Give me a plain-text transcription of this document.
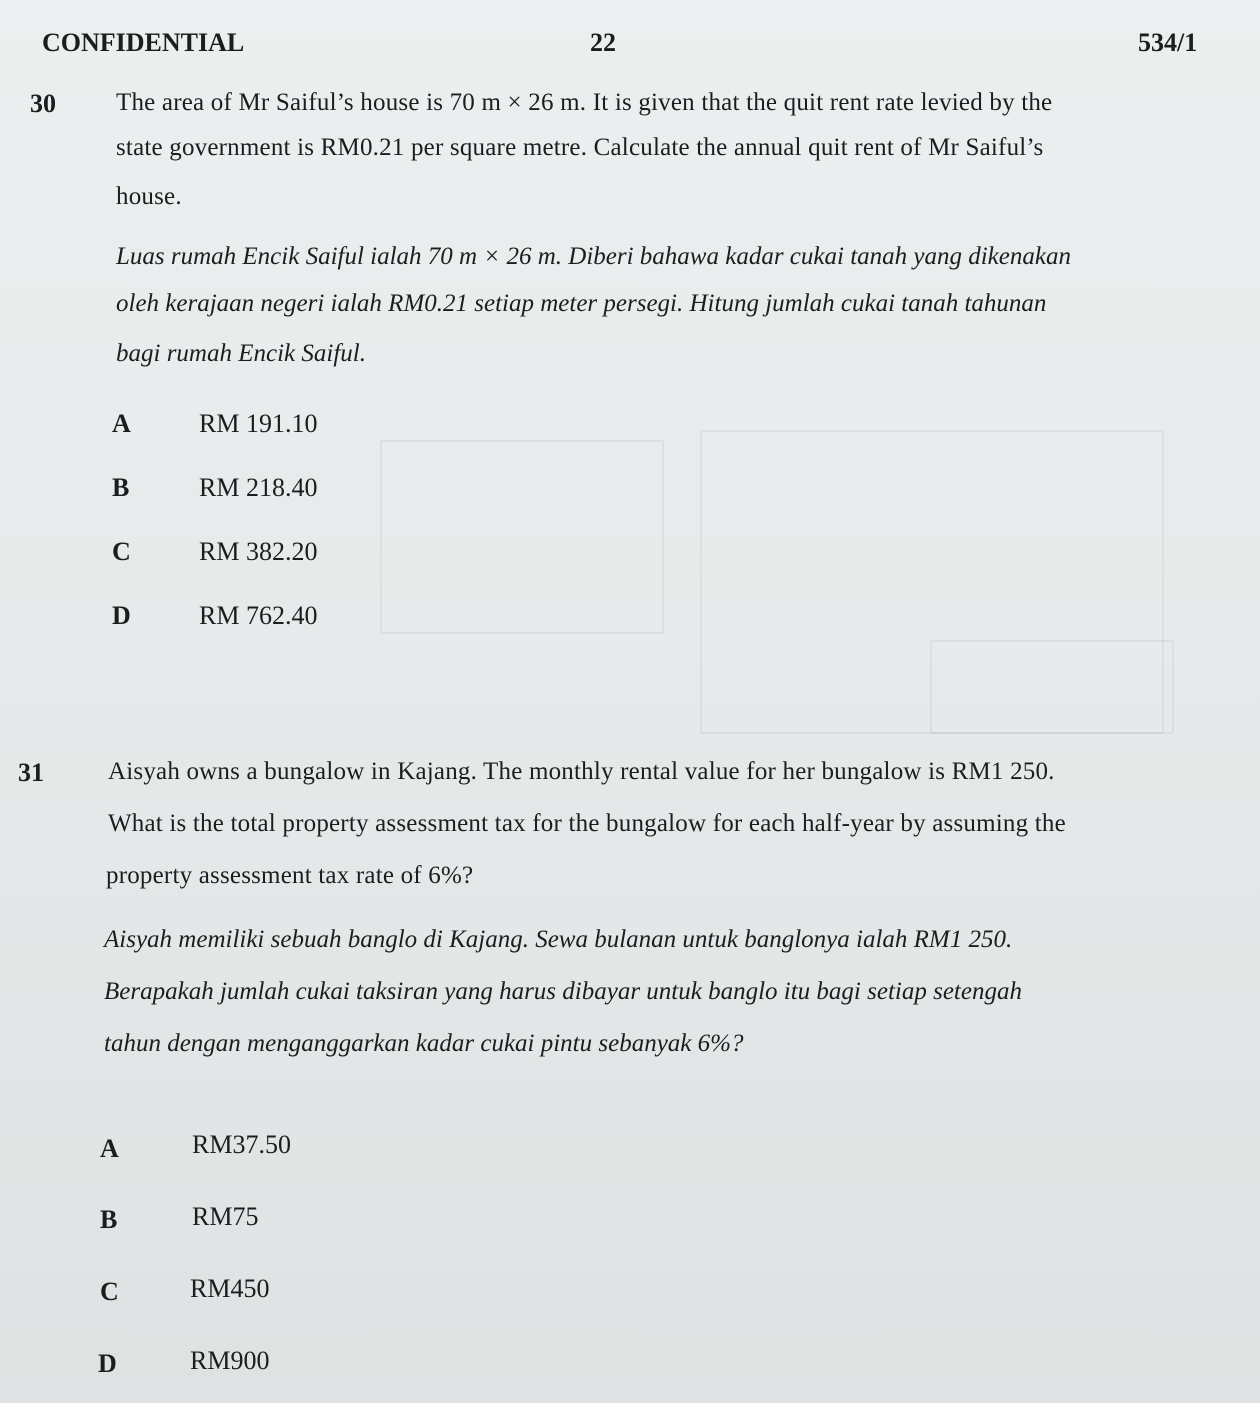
CONFIDENTIAL	22	534/1
30 The area of Mr Saiful’s house is 70 m × 26 m. It is given that the quit rent rate levied by the
state government is RM0.21 per square metre. Calculate the annual quit rent of Mr Saiful’s
house.
Luas rumah Encik Saiful ialah 70 m × 26 m. Diberi bahawa kadar cukai tanah yang dikenakan
oleh kerajaan negeri ialah RM0.21 setiap meter persegi. Hitung jumlah cukai tanah tahunan
bagi rumah Encik Saiful.
A	RM 191.10
B	RM 218.40
C	RM 382.20
D	RM 762.40
31	Aisyah owns a bungalow in Kajang. The monthly rental value for her bungalow is RM1 250.
What is the total property assessment tax for the bungalow for each half-year by assuming the
property assessment tax rate of 6%?
Aisyah memiliki sebuah banglo di Kajang. Sewa bulanan untuk banglonya ialah RM1 250.
Berapakah jumlah cukai taksiran yang harus dibayar untuk banglo itu bagi setiap setengah
tahun dengan menganggarkan kadar cukai pintu sebanyak 6%?
A	RM37.50
B	RM75
C	RM450
D	RM900
